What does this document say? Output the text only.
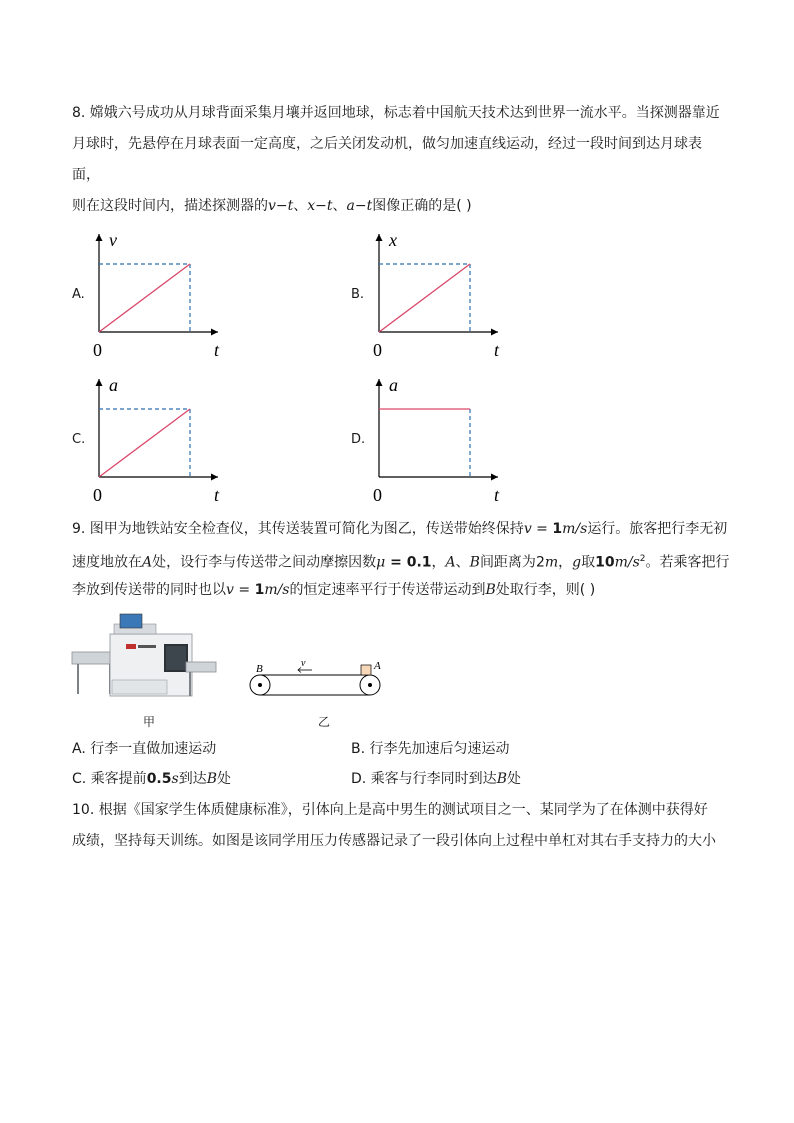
8. 嫦娥六号成功从月球背面采集月壤并返回地球，标志着中国航天技术达到世界一流水平。当探测器靠近
月球时，先悬停在月球表面一定高度，之后关闭发动机，做匀加速直线运动，经过一段时间到达月球表
面，
则在这段时间内，描述探测器的v−t、x−t、a−t图像正确的是( )
A.
v
t
0
B.
x
t
0
C.
a
t
0
D.
a
t
0
9. 图甲为地铁站安全检查仪，其传送装置可简化为图乙，传送带始终保持v = 1m/s运行。旅客把行李无初
速度地放在A处，设行李与传送带之间动摩擦因数μ = 0.1，A、B间距离为2m，g取$10m/s^2$。若乘客把行
李放到传送带的同时也以v = 1m/s的恒定速率平行于传送带运动到B处取行李，则( )
甲
B	A
v
乙
A. 行李一直做加速运动	B. 行李先加速后匀速运动
C. 乘客提前0.5s到达B处	D. 乘客与行李同时到达B处
10. 根据《国家学生体质健康标准》，引体向上是高中男生的测试项目之一、某同学为了在体测中获得好
成绩，坚持每天训练。如图是该同学用压力传感器记录了一段引体向上过程中单杠对其右手支持力的大小
